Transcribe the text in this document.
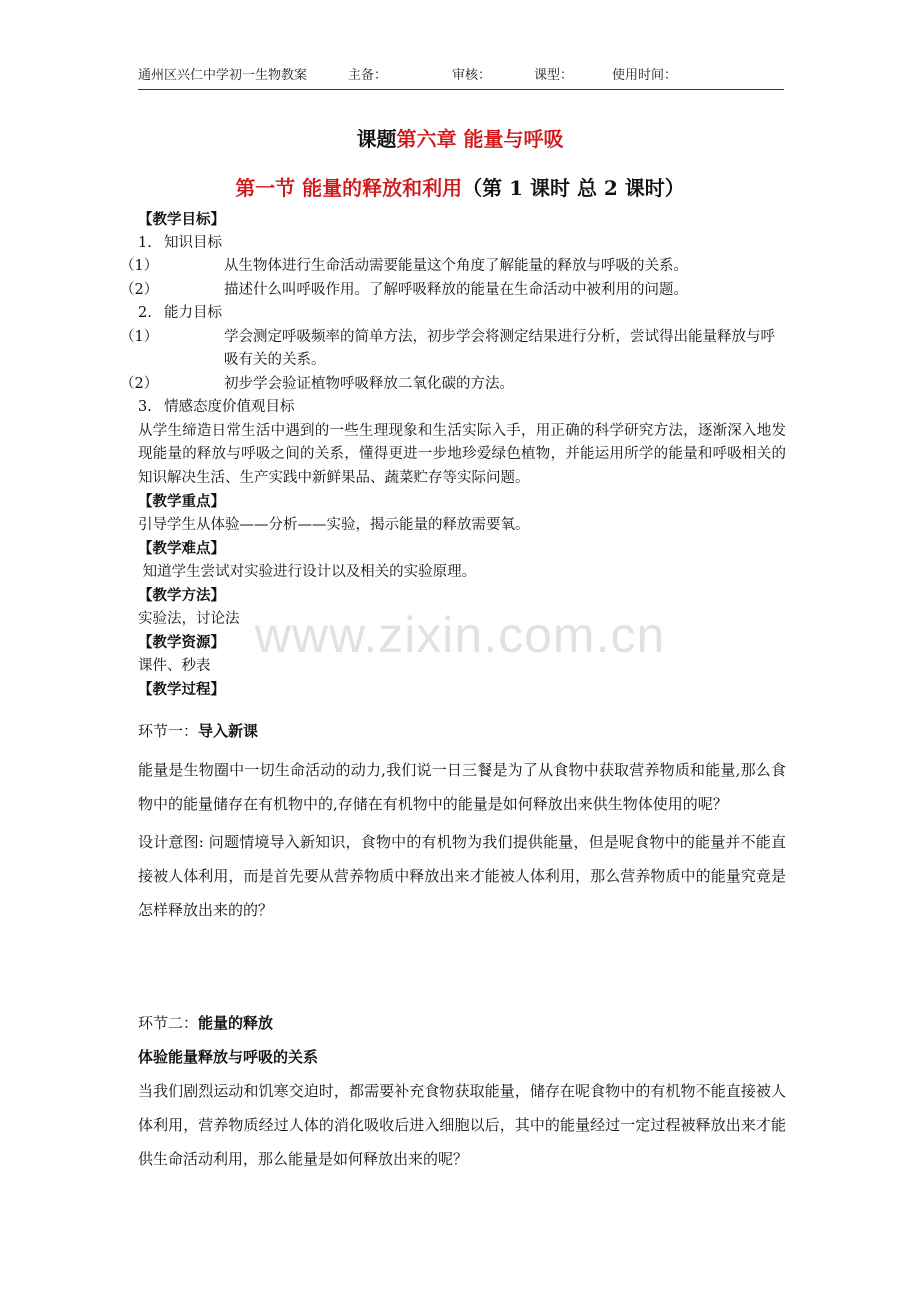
通州区兴仁中学初一生物教案	主备：	审核：	课型：	使用时间：
课题第六章 能量与呼吸
第一节 能量的释放和利用（第 1 课时 总 2 课时）
【教学目标】
1. 知识目标
（1）	从生物体进行生命活动需要能量这个角度了解能量的释放与呼吸的关系。
（2）	描述什么叫呼吸作用。了解呼吸释放的能量在生命活动中被利用的问题。
2. 能力目标
（1）	学会测定呼吸频率的简单方法，初步学会将测定结果进行分析，尝试得出能量释放与呼吸有关的关系。
（2）	初步学会验证植物呼吸释放二氧化碳的方法。
3. 情感态度价值观目标
从学生缔造日常生活中遇到的一些生理现象和生活实际入手，用正确的科学研究方法，逐渐深入地发现能量的释放与呼吸之间的关系，懂得更进一步地珍爱绿色植物，并能运用所学的能量和呼吸相关的知识解决生活、生产实践中新鲜果品、蔬菜贮存等实际问题。
【教学重点】
引导学生从体验——分析——实验，揭示能量的释放需要氧。
【教学难点】
知道学生尝试对实验进行设计以及相关的实验原理。
【教学方法】
实验法，讨论法
【教学资源】
课件、秒表
【教学过程】
环节一：导入新课
能量是生物圈中一切生命活动的动力,我们说一日三餐是为了从食物中获取营养物质和能量,那么食物中的能量储存在有机物中的,存储在有机物中的能量是如何释放出来供生物体使用的呢？
设计意图: 问题情境导入新知识，食物中的有机物为我们提供能量，但是呢食物中的能量并不能直接被人体利用，而是首先要从营养物质中释放出来才能被人体利用，那么营养物质中的能量究竟是怎样释放出来的的？
环节二：能量的释放
体验能量释放与呼吸的关系
当我们剧烈运动和饥寒交迫时，都需要补充食物获取能量，储存在呢食物中的有机物不能直接被人体利用，营养物质经过人体的消化吸收后进入细胞以后，其中的能量经过一定过程被释放出来才能供生命活动利用，那么能量是如何释放出来的呢？
www.zixin.com.cn
